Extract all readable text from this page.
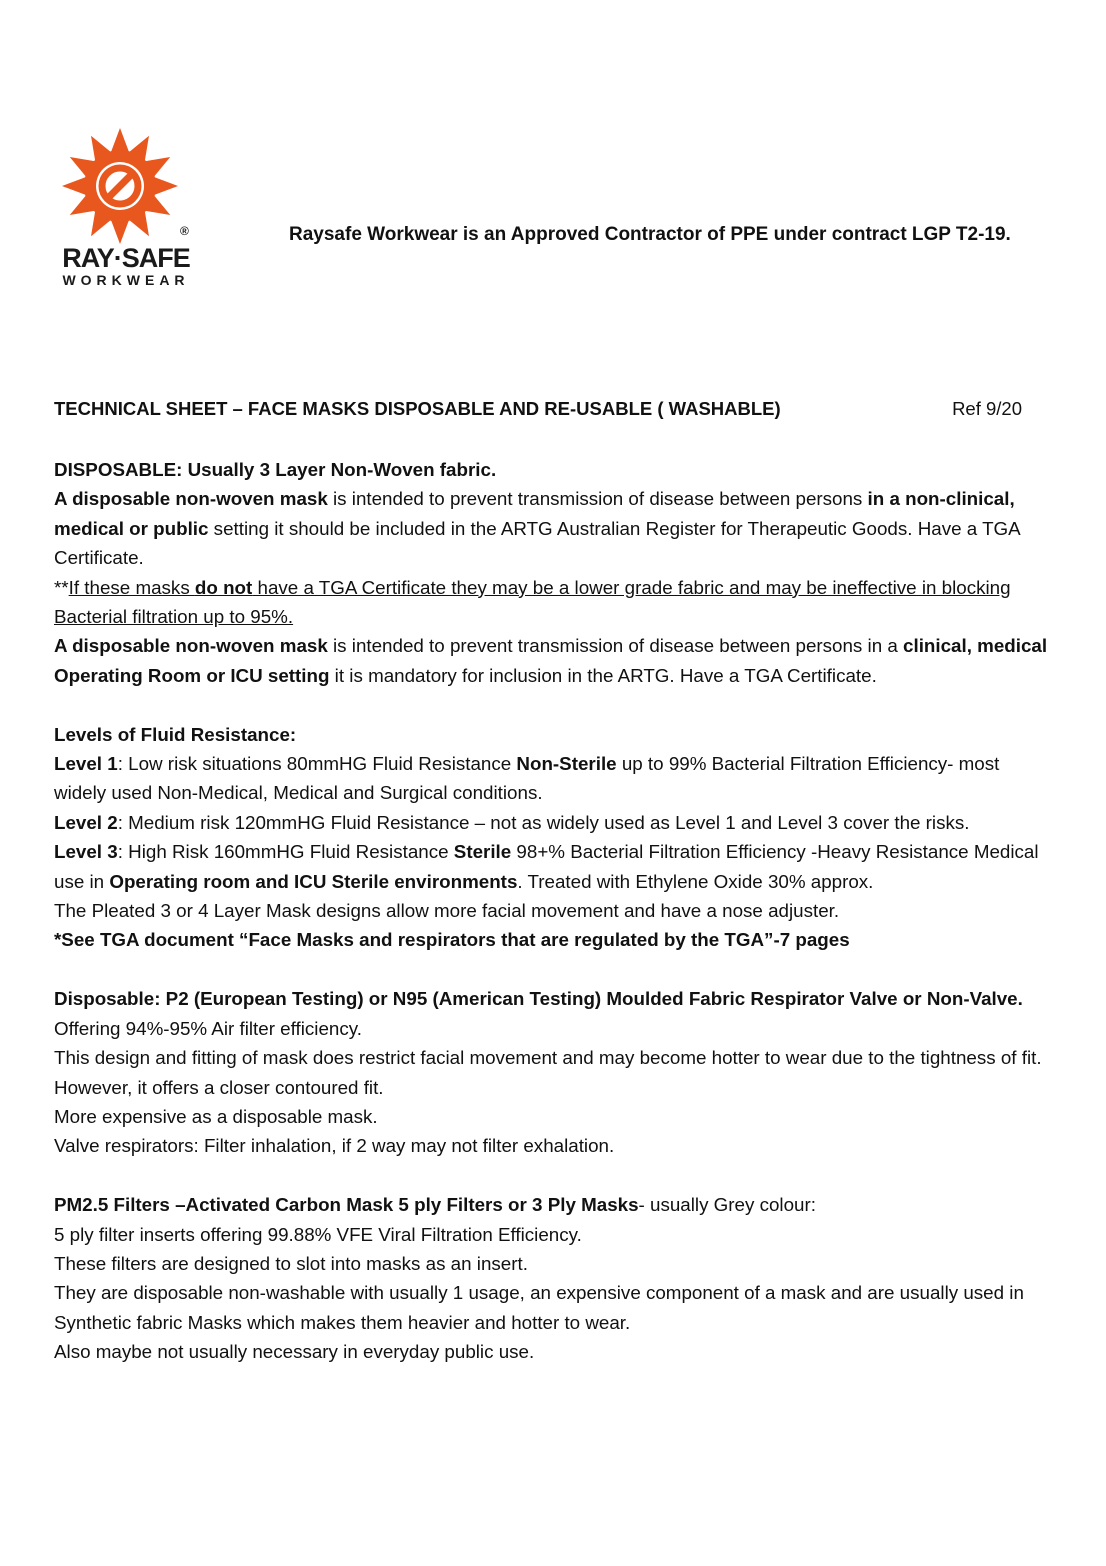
®
RAY·SAFE
WORKWEAR
Raysafe Workwear is an Approved Contractor of PPE under contract LGP T2-19.
TECHNICAL SHEET – FACE MASKS DISPOSABLE AND RE-USABLE ( WASHABLE)	Ref 9/20

DISPOSABLE: Usually 3 Layer Non-Woven fabric.

A disposable non-woven mask is intended to prevent transmission of disease between persons in a non-clinical, medical or public setting it should be included in the ARTG Australian Register for Therapeutic Goods. Have a TGA Certificate.

**If these masks do not have a TGA Certificate they may be a lower grade fabric and may be ineffective in blocking Bacterial filtration up to 95%.

A disposable non-woven mask is intended to prevent transmission of disease between persons in a clinical, medical Operating Room or ICU setting it is mandatory for inclusion in the ARTG. Have a TGA Certificate.

Levels of Fluid Resistance:

Level 1: Low risk situations 80mmHG Fluid Resistance Non-Sterile up to 99% Bacterial Filtration Efficiency- most widely used Non-Medical, Medical and Surgical conditions.

Level 2: Medium risk 120mmHG Fluid Resistance – not as widely used as Level 1 and Level 3 cover the risks.

Level 3: High Risk 160mmHG Fluid Resistance Sterile 98+% Bacterial Filtration Efficiency -Heavy Resistance Medical use in Operating room and ICU Sterile environments. Treated with Ethylene Oxide 30% approx.

The Pleated 3 or 4 Layer Mask designs allow more facial movement and have a nose adjuster.

*See TGA document “Face Masks and respirators that are regulated by the TGA”-7 pages

Disposable: P2 (European Testing) or N95 (American Testing) Moulded Fabric Respirator Valve or Non-Valve.

Offering 94%-95% Air filter efficiency.

This design and fitting of mask does restrict facial movement and may become hotter to wear due to the tightness of fit. However, it offers a closer contoured fit.

More expensive as a disposable mask.

Valve respirators: Filter inhalation, if 2 way may not filter exhalation.

PM2.5 Filters –Activated Carbon Mask 5 ply Filters or 3 Ply Masks- usually Grey colour:

5 ply filter inserts offering 99.88% VFE Viral Filtration Efficiency.

These filters are designed to slot into masks as an insert.

They are disposable non-washable with usually 1 usage, an expensive component of a mask and are usually used in Synthetic fabric Masks which makes them heavier and hotter to wear.

Also maybe not usually necessary in everyday public use.
